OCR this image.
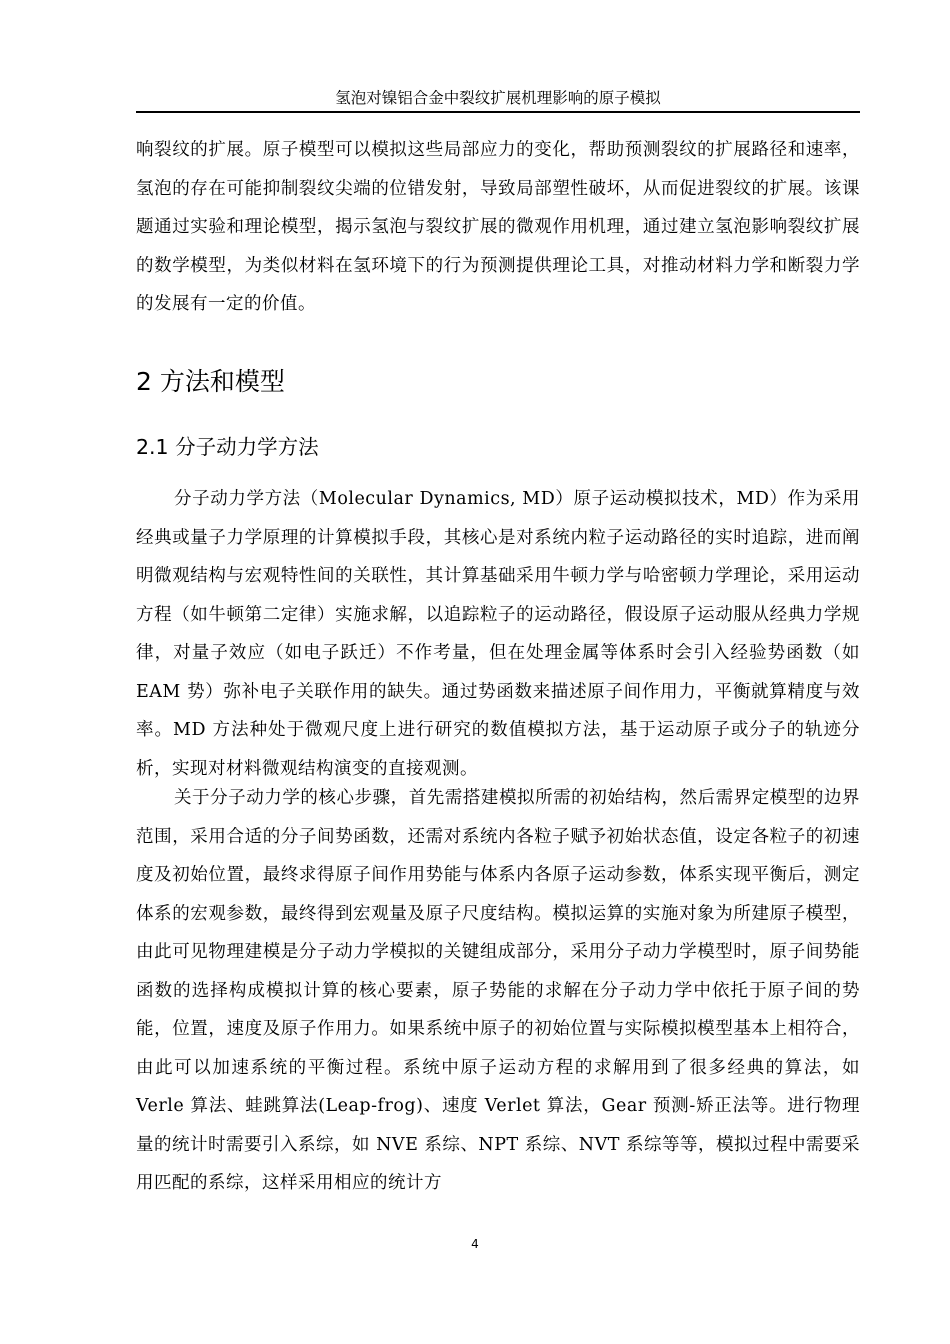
氢泡对镍铝合金中裂纹扩展机理影响的原子模拟

响裂纹的扩展。原子模型可以模拟这些局部应力的变化，帮助预测裂纹的扩展路径和速率，氢泡的存在可能抑制裂纹尖端的位错发射，导致局部塑性破坏，从而促进裂纹的扩展。该课题通过实验和理论模型，揭示氢泡与裂纹扩展的微观作用机理，通过建立氢泡影响裂纹扩展的数学模型，为类似材料在氢环境下的行为预测提供理论工具，对推动材料力学和断裂力学的发展有一定的价值。

2 方法和模型
2.1 分子动力学方法

分子动力学方法（Molecular Dynamics, MD）原子运动模拟技术，MD）作为采用经典或量子力学原理的计算模拟手段，其核心是对系统内粒子运动路径的实时追踪，进而阐明微观结构与宏观特性间的关联性，其计算基础采用牛顿力学与哈密顿力学理论，采用运动方程（如牛顿第二定律）实施求解，以追踪粒子的运动路径，假设原子运动服从经典力学规律，对量子效应（如电子跃迁）不作考量，但在处理金属等体系时会引入经验势函数（如 EAM 势）弥补电子关联作用的缺失。通过势函数来描述原子间作用力，平衡就算精度与效率。MD 方法种处于微观尺度上进行研究的数值模拟方法，基于运动原子或分子的轨迹分析，实现对材料微观结构演变的直接观测。

关于分子动力学的核心步骤，首先需搭建模拟所需的初始结构，然后需界定模型的边界范围，采用合适的分子间势函数，还需对系统内各粒子赋予初始状态值，设定各粒子的初速度及初始位置，最终求得原子间作用势能与体系内各原子运动参数，体系实现平衡后，测定体系的宏观参数，最终得到宏观量及原子尺度结构。模拟运算的实施对象为所建原子模型，由此可见物理建模是分子动力学模拟的关键组成部分，采用分子动力学模型时，原子间势能函数的选择构成模拟计算的核心要素，原子势能的求解在分子动力学中依托于原子间的势能，位置，速度及原子作用力。如果系统中原子的初始位置与实际模拟模型基本上相符合，由此可以加速系统的平衡过程。系统中原子运动方程的求解用到了很多经典的算法，如 Verle 算法、蛙跳算法(Leap-frog)、速度 Verlet 算法，Gear 预测-矫正法等。进行物理量的统计时需要引入系综，如 NVE 系综、NPT 系综、NVT 系综等等，模拟过程中需要采用匹配的系综，这样采用相应的统计方

4
